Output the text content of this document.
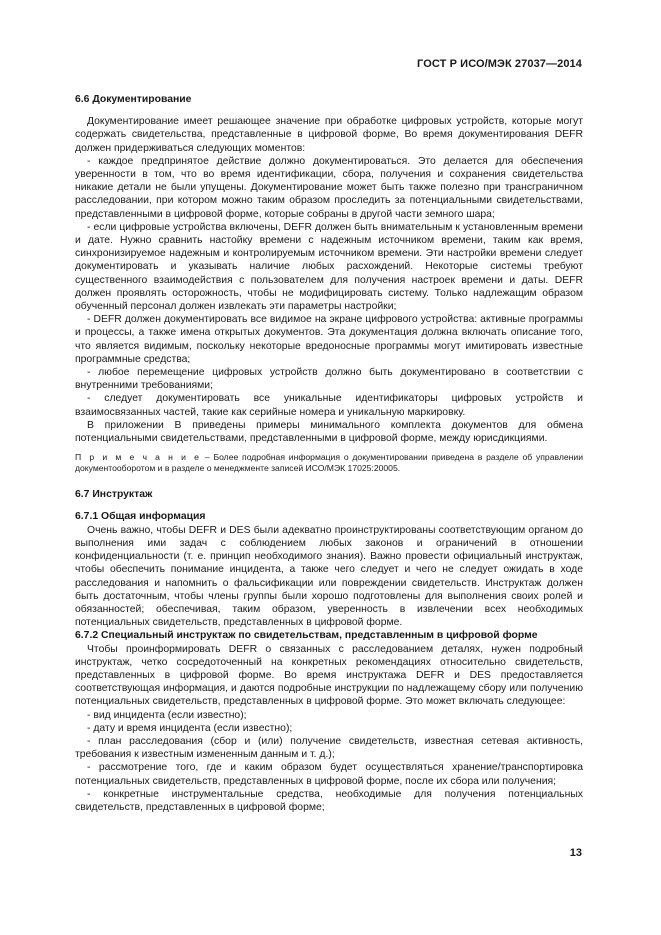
ГОСТ Р ИСО/МЭК 27037—2014

6.6 Документирование

Документирование имеет решающее значение при обработке цифровых устройств, которые могут содержать свидетельства, представленные в цифровой форме, Во время документирования DEFR должен придерживаться следующих моментов:

- каждое предпринятое действие должно документироваться. Это делается для обеспечения уверенности в том, что во время идентификации, сбора, получения и сохранения свидетельства никакие детали не были упущены. Документирование может быть также полезно при трансграничном расследовании, при котором можно таким образом проследить за потенциальными свидетельствами, представленными в цифровой форме, которые собраны в другой части земного шара;

- если цифровые устройства включены, DEFR должен быть внимательным к установленным времени и дате. Нужно сравнить настойку времени с надежным источником времени, таким как время, синхронизируемое надежным и контролируемым источником времени. Эти настройки времени следует документировать и указывать наличие любых расхождений. Некоторые системы требуют существенного взаимодействия с пользователем для получения настроек времени и даты. DEFR должен проявлять осторожность, чтобы не модифицировать систему. Только надлежащим образом обученный персонал должен извлекать эти параметры настройки;

- DEFR должен документировать все видимое на экране цифрового устройства: активные программы и процессы, а также имена открытых документов. Эта документация должна включать описание того, что является видимым, поскольку некоторые вредоносные программы могут имитировать известные программные средства;

- любое перемещение цифровых устройств должно быть документировано в соответствии с внутренними требованиями;

- следует документировать все уникальные идентификаторы цифровых устройств и взаимосвязанных частей, такие как серийные номера и уникальную маркировку.

В приложении В приведены примеры минимального комплекта документов для обмена потенциальными свидетельствами, представленными в цифровой форме, между юрисдикциями.

П р и м е ч а н и е – Более подробная информация о документировании приведена в разделе об управлении документооборотом и в разделе о менеджменте записей ИСО/МЭК 17025:20005.

6.7 Инструктаж

6.7.1 Общая информация

Очень важно, чтобы DEFR и DES были адекватно проинструктированы соответствующим органом до выполнения ими задач с соблюдением любых законов и ограничений в отношении конфиденциальности (т. е. принцип необходимого знания). Важно провести официальный инструктаж, чтобы обеспечить понимание инцидента, а также чего следует и чего не следует ожидать в ходе расследования и напомнить о фальсификации или повреждении свидетельств. Инструктаж должен быть достаточным, чтобы члены группы были хорошо подготовлены для выполнения своих ролей и обязанностей; обеспечивая, таким образом, уверенность в извлечении всех необходимых потенциальных свидетельств, представленных в цифровой форме.

6.7.2 Специальный инструктаж по свидетельствам, представленным в цифровой форме

Чтобы проинформировать DEFR о связанных с расследованием деталях, нужен подробный инструктаж, четко сосредоточенный на конкретных рекомендациях относительно свидетельств, представленных в цифровой форме. Во время инструктажа DEFR и DES предоставляется соответствующая информация, и даются подробные инструкции по надлежащему сбору или получению потенциальных свидетельств, представленных в цифровой форме. Это может включать следующее:

- вид инцидента (если известно);

- дату и время инцидента (если известно);

- план расследования (сбор и (или) получение свидетельств, известная сетевая активность, требования к известным измененным данным и т. д.);

- рассмотрение того, где и каким образом будет осуществляться хранение/транспортировка потенциальных свидетельств, представленных в цифровой форме, после их сбора или получения;

- конкретные инструментальные средства, необходимые для получения потенциальных свидетельств, представленных в цифровой форме;

13
